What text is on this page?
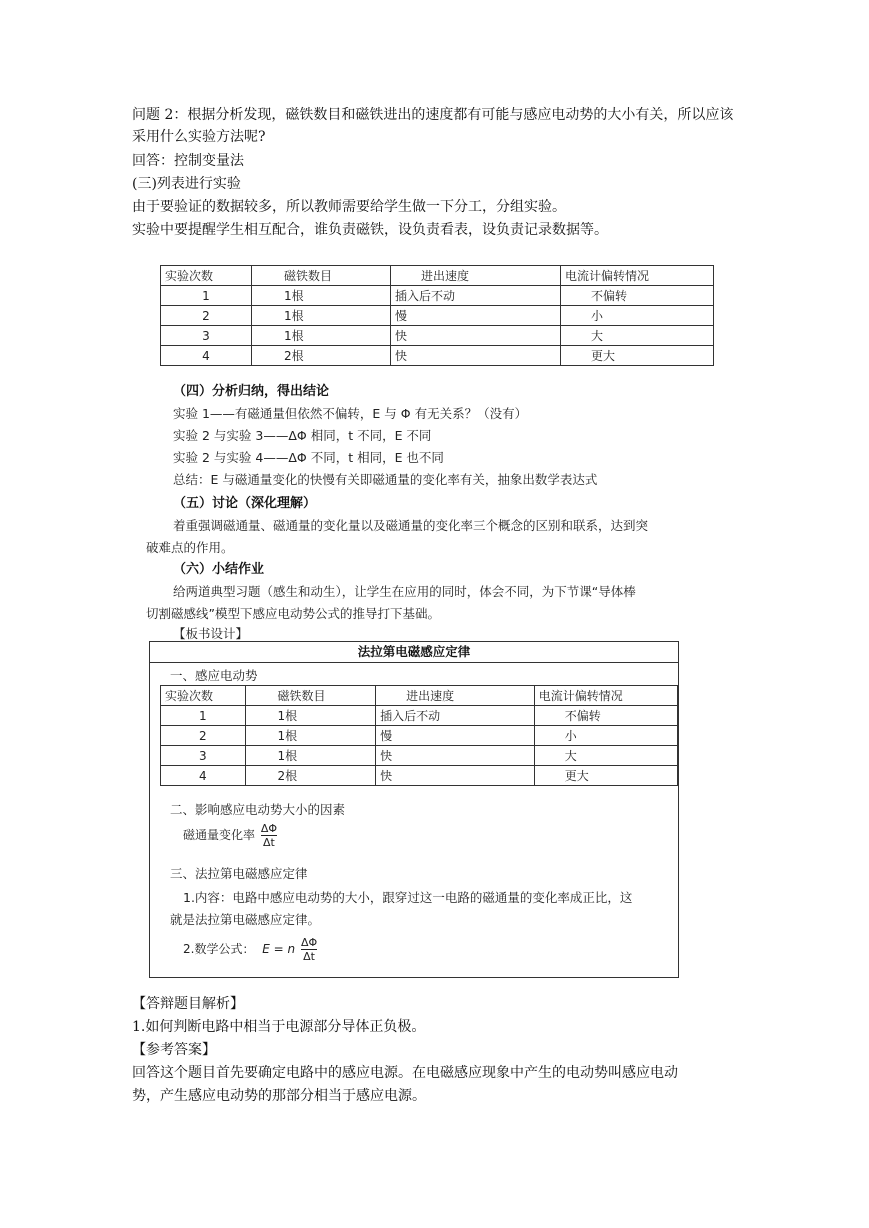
问题 2：根据分析发现，磁铁数目和磁铁进出的速度都有可能与感应电动势的大小有关，所以应该采用什么实验方法呢?

回答：控制变量法

(三)列表进行实验

由于要验证的数据较多，所以教师需要给学生做一下分工，分组实验。

实验中要提醒学生相互配合，谁负责磁铁，设负责看表，设负责记录数据等。

实验次数	磁铁数目	进出速度	电流计偏转情况
1	1根	插入后不动	不偏转
2	1根	慢	小
3	1根	快	大
4	2根	快	更大
（四）分析归纳，得出结论
实验 1——有磁通量但依然不偏转，E 与 Φ 有无关系？（没有）
实验 2 与实验 3——ΔΦ 相同，t 不同，E 不同
实验 2 与实验 4——ΔΦ 不同，t 相同，E 也不同
总结：E 与磁通量变化的快慢有关即磁通量的变化率有关，抽象出数学表达式
（五）讨论（深化理解）
着重强调磁通量、磁通量的变化量以及磁通量的变化率三个概念的区别和联系，达到突
破难点的作用。
（六）小结作业
给两道典型习题（感生和动生），让学生在应用的同时，体会不同，为下节课“导体棒
切割磁感线”模型下感应电动势公式的推导打下基础。
【板书设计】
法拉第电磁感应定律
一、感应电动势
实验次数	磁铁数目	进出速度	电流计偏转情况
1	1根	插入后不动	不偏转
2	1根	慢	小
3	1根	快	大
4	2根	快	更大
二、影响感应电动势大小的因素
磁通量变化率 $\frac{\Delta\Phi}{\Delta t}$
三、法拉第电磁感应定律
1.内容：电路中感应电动势的大小，跟穿过这一电路的磁通量的变化率成正比，这
就是法拉第电磁感应定律。
2.数学公式： E = n $\frac{\Delta\Phi}{\Delta t}$

【答辩题目解析】

1.如何判断电路中相当于电源部分导体正负极。

【参考答案】

回答这个题目首先要确定电路中的感应电源。在电磁感应现象中产生的电动势叫感应电动

势，产生感应电动势的那部分相当于感应电源。
